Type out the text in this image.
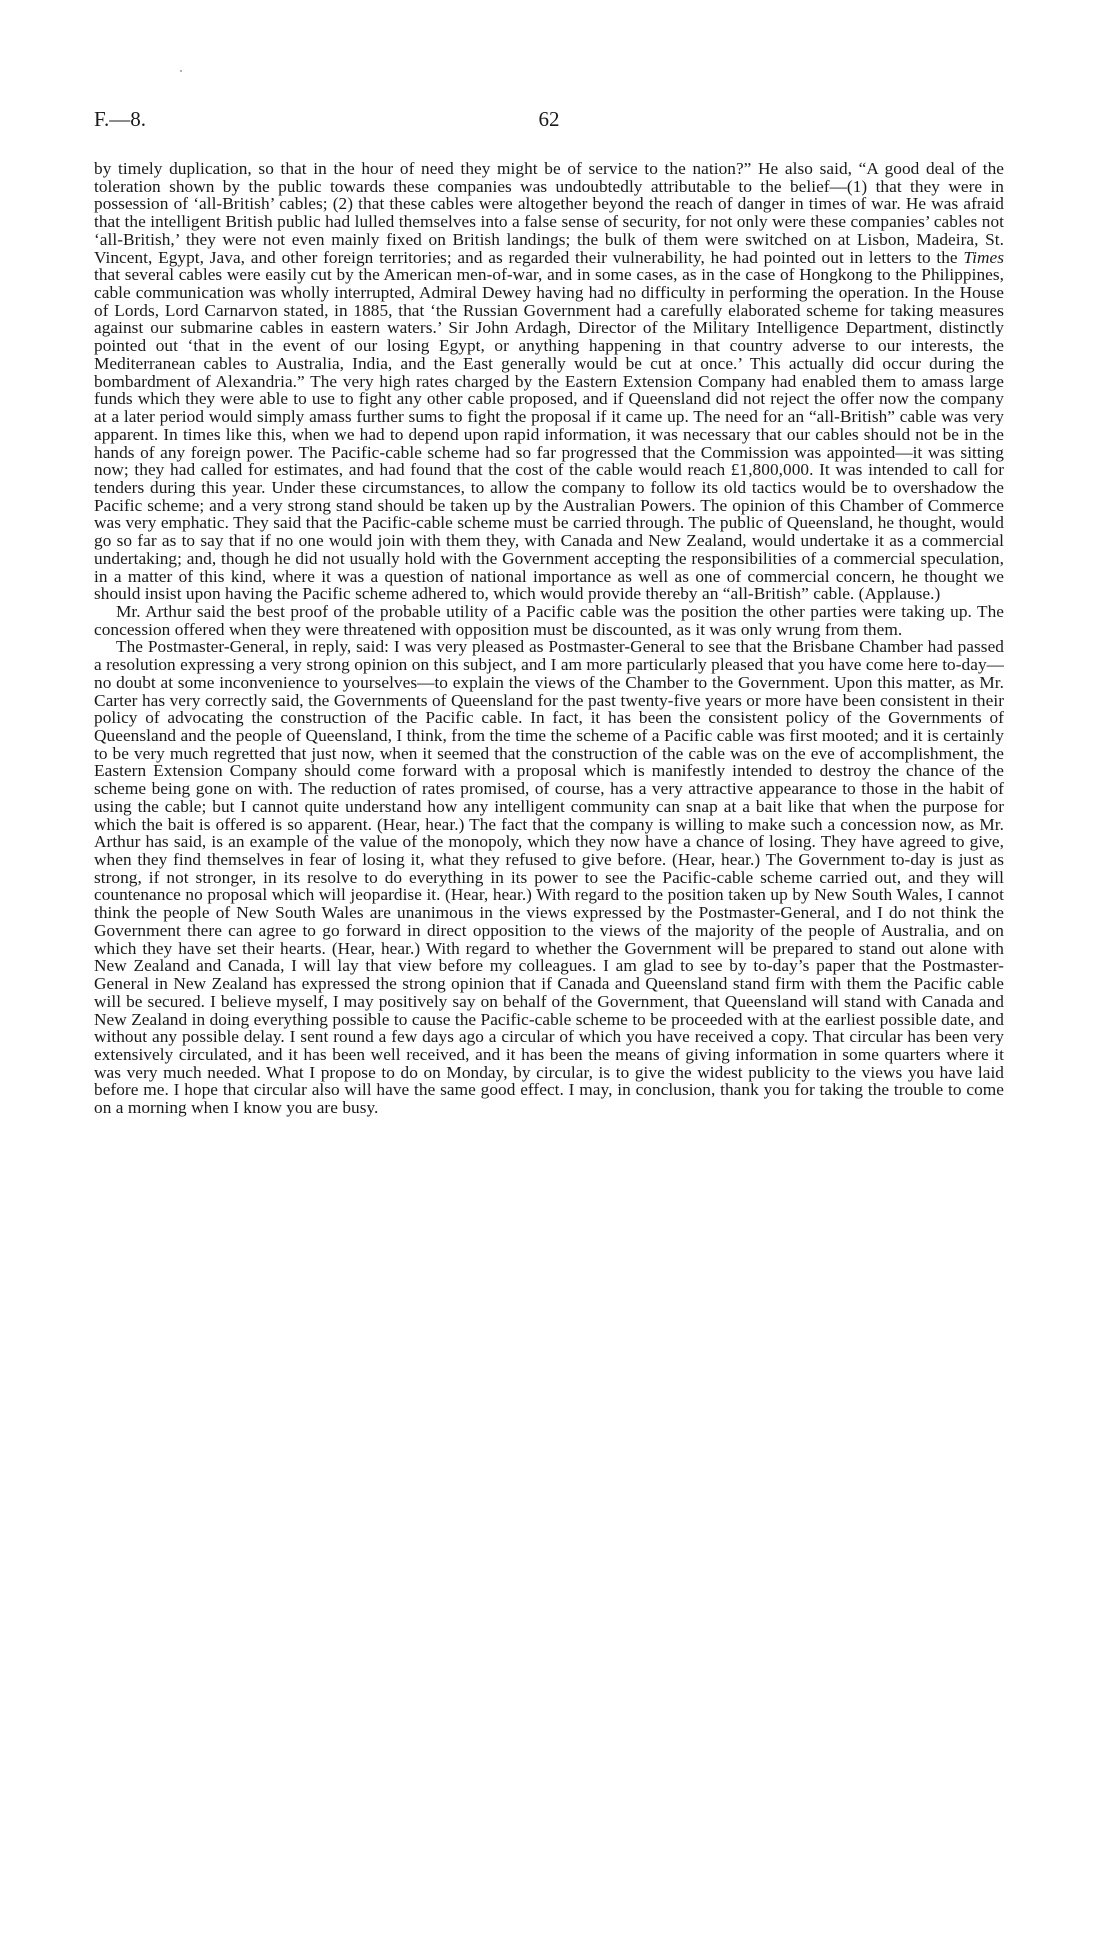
F.—8.	62

by timely duplication, so that in the hour of need they might be of service to the nation?” He also said, “A good deal of the toleration shown by the public towards these companies was undoubtedly attributable to the belief—(1) that they were in possession of ‘all-British’ cables; (2) that these cables were altogether beyond the reach of danger in times of war. He was afraid that the intelligent British public had lulled themselves into a false sense of security, for not only were these companies’ cables not ‘all-British,’ they were not even mainly fixed on British landings; the bulk of them were switched on at Lisbon, Madeira, St. Vincent, Egypt, Java, and other foreign territories; and as regarded their vulnerability, he had pointed out in letters to the Times that several cables were easily cut by the American men-of-war, and in some cases, as in the case of Hongkong to the Philippines, cable communication was wholly interrupted, Admiral Dewey having had no difficulty in performing the operation. In the House of Lords, Lord Carnarvon stated, in 1885, that ‘the Russian Government had a carefully elaborated scheme for taking measures against our submarine cables in eastern waters.’ Sir John Ardagh, Director of the Military Intelligence Department, distinctly pointed out ‘that in the event of our losing Egypt, or anything happening in that country adverse to our interests, the Mediterranean cables to Australia, India, and the East generally would be cut at once.’ This actually did occur during the bombardment of Alexandria.” The very high rates charged by the Eastern Extension Company had enabled them to amass large funds which they were able to use to fight any other cable proposed, and if Queensland did not reject the offer now the company at a later period would simply amass further sums to fight the proposal if it came up. The need for an “all-British” cable was very apparent. In times like this, when we had to depend upon rapid information, it was necessary that our cables should not be in the hands of any foreign power. The Pacific-cable scheme had so far progressed that the Commission was appointed—it was sitting now; they had called for estimates, and had found that the cost of the cable would reach £1,800,000. It was intended to call for tenders during this year. Under these circumstances, to allow the company to follow its old tactics would be to overshadow the Pacific scheme; and a very strong stand should be taken up by the Australian Powers. The opinion of this Chamber of Commerce was very emphatic. They said that the Pacific-cable scheme must be carried through. The public of Queensland, he thought, would go so far as to say that if no one would join with them they, with Canada and New Zealand, would undertake it as a commercial undertaking; and, though he did not usually hold with the Government accepting the responsibilities of a commercial speculation, in a matter of this kind, where it was a question of national importance as well as one of commercial concern, he thought we should insist upon having the Pacific scheme adhered to, which would provide thereby an “all-British” cable. (Applause.)

Mr. Arthur said the best proof of the probable utility of a Pacific cable was the position the other parties were taking up. The concession offered when they were threatened with opposition must be discounted, as it was only wrung from them.

The Postmaster-General, in reply, said: I was very pleased as Postmaster-General to see that the Brisbane Chamber had passed a resolution expressing a very strong opinion on this subject, and I am more particularly pleased that you have come here to-day—no doubt at some inconvenience to yourselves—to explain the views of the Chamber to the Government. Upon this matter, as Mr. Carter has very correctly said, the Governments of Queensland for the past twenty-five years or more have been consistent in their policy of advocating the construction of the Pacific cable. In fact, it has been the consistent policy of the Governments of Queensland and the people of Queensland, I think, from the time the scheme of a Pacific cable was first mooted; and it is certainly to be very much regretted that just now, when it seemed that the construction of the cable was on the eve of accomplishment, the Eastern Extension Company should come forward with a proposal which is manifestly intended to destroy the chance of the scheme being gone on with. The reduction of rates promised, of course, has a very attractive appearance to those in the habit of using the cable; but I cannot quite understand how any intelligent community can snap at a bait like that when the purpose for which the bait is offered is so apparent. (Hear, hear.) The fact that the company is willing to make such a concession now, as Mr. Arthur has said, is an example of the value of the monopoly, which they now have a chance of losing. They have agreed to give, when they find themselves in fear of losing it, what they refused to give before. (Hear, hear.) The Government to-day is just as strong, if not stronger, in its resolve to do everything in its power to see the Pacific-cable scheme carried out, and they will countenance no proposal which will jeopardise it. (Hear, hear.) With regard to the position taken up by New South Wales, I cannot think the people of New South Wales are unanimous in the views expressed by the Postmaster-General, and I do not think the Government there can agree to go forward in direct opposition to the views of the majority of the people of Australia, and on which they have set their hearts. (Hear, hear.) With regard to whether the Government will be prepared to stand out alone with New Zealand and Canada, I will lay that view before my colleagues. I am glad to see by to-day’s paper that the Postmaster-General in New Zealand has expressed the strong opinion that if Canada and Queensland stand firm with them the Pacific cable will be secured. I believe myself, I may positively say on behalf of the Government, that Queensland will stand with Canada and New Zealand in doing everything possible to cause the Pacific-cable scheme to be proceeded with at the earliest possible date, and without any possible delay. I sent round a few days ago a circular of which you have received a copy. That circular has been very extensively circulated, and it has been well received, and it has been the means of giving information in some quarters where it was very much needed. What I propose to do on Monday, by circular, is to give the widest publicity to the views you have laid before me. I hope that circular also will have the same good effect. I may, in conclusion, thank you for taking the trouble to come on a morning when I know you are busy.
